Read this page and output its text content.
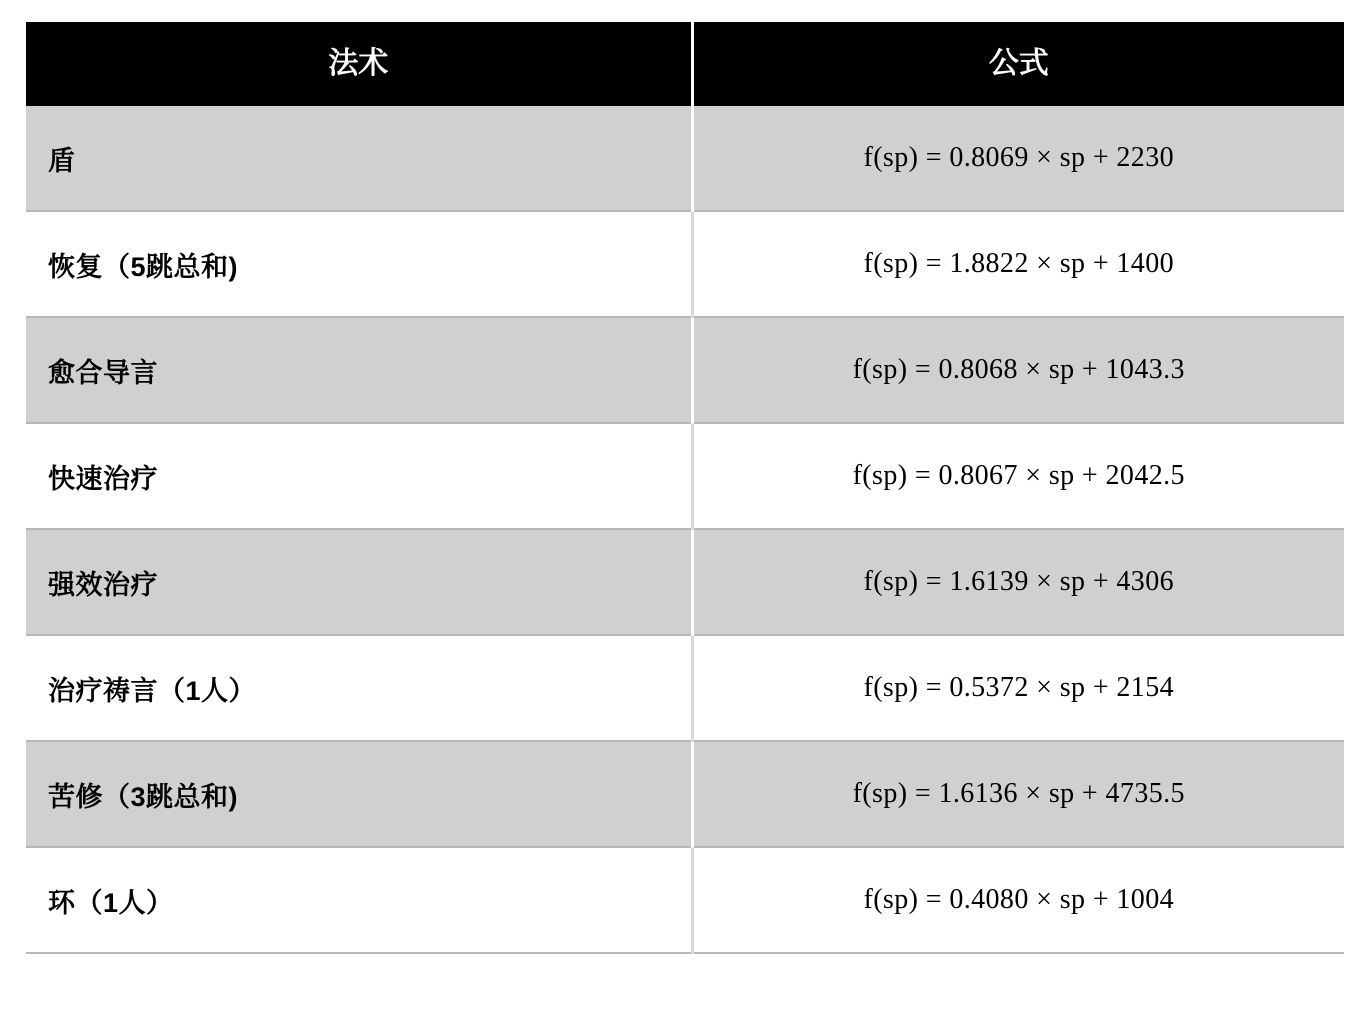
法术	公式
盾	f(sp) = 0.8069 × sp + 2230
恢复（5跳总和)	f(sp) = 1.8822 × sp + 1400
愈合导言	f(sp) = 0.8068 × sp + 1043.3
快速治疗	f(sp) = 0.8067 × sp + 2042.5
强效治疗	f(sp) = 1.6139 × sp + 4306
治疗祷言（1人）	f(sp) = 0.5372 × sp + 2154
苦修（3跳总和)	f(sp) = 1.6136 × sp + 4735.5
环（1人）	f(sp) = 0.4080 × sp + 1004
